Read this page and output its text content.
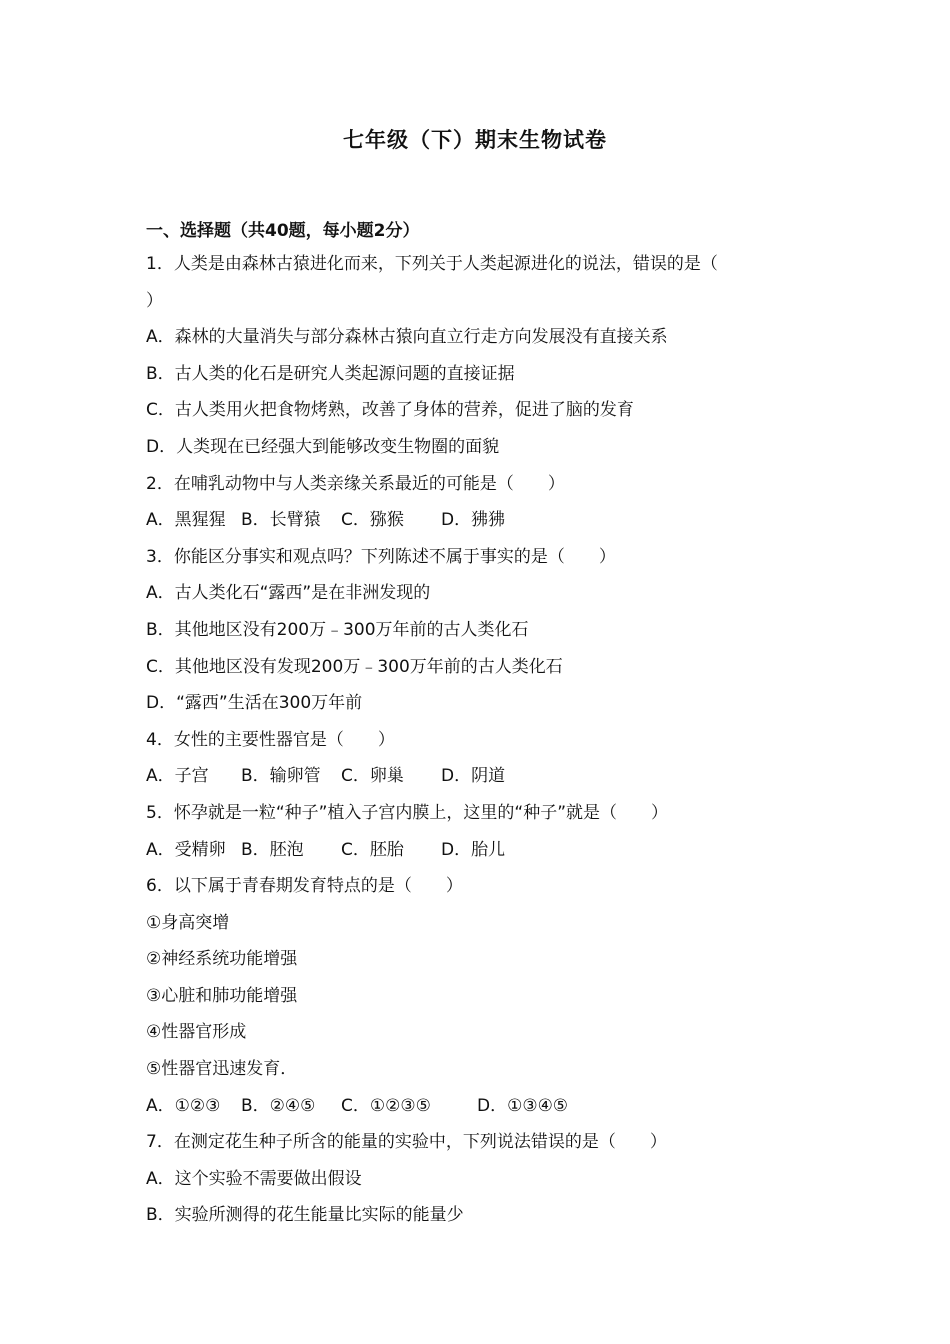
七年级（下）期末生物试卷
一、选择题（共40题，每小题2分）
1．人类是由森林古猿进化而来，下列关于人类起源进化的说法，错误的是（
）
A．森林的大量消失与部分森林古猿向直立行走方向发展没有直接关系
B．古人类的化石是研究人类起源问题的直接证据
C．古人类用火把食物烤熟，改善了身体的营养，促进了脑的发育
D．人类现在已经强大到能够改变生物圈的面貌
2．在哺乳动物中与人类亲缘关系最近的可能是（　　）
A．黑猩猩 B．长臂猿 C．猕猴 D．狒狒
3．你能区分事实和观点吗？下列陈述不属于事实的是（　　）
A．古人类化石“露西”是在非洲发现的
B．其他地区没有200万﹣300万年前的古人类化石
C．其他地区没有发现200万﹣300万年前的古人类化石
D．“露西”生活在300万年前
4．女性的主要性器官是（　　）
A．子宫 B．输卵管 C．卵巢 D．阴道
5．怀孕就是一粒“种子”植入子宫内膜上，这里的“种子”就是（　　）
A．受精卵 B．胚泡 C．胚胎 D．胎儿
6．以下属于青春期发育特点的是（　　）
①身高突增
②神经系统功能增强
③心脏和肺功能增强
④性器官形成
⑤性器官迅速发育．
A．①②③ B．②④⑤ C．①②③⑤	D．①③④⑤
7．在测定花生种子所含的能量的实验中，下列说法错误的是（　　）
A．这个实验不需要做出假设
B．实验所测得的花生能量比实际的能量少
